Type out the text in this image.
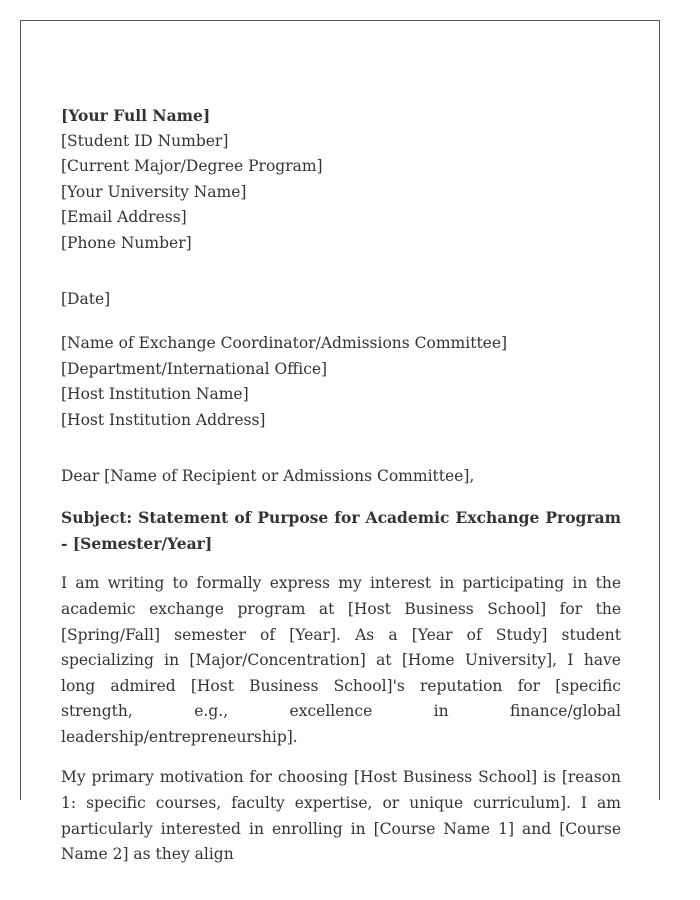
[Your Full Name]
[Student ID Number]
[Current Major/Degree Program]
[Your University Name]
[Email Address]
[Phone Number]
[Date]
[Name of Exchange Coordinator/Admissions Committee]
[Department/International Office]
[Host Institution Name]
[Host Institution Address]
Dear [Name of Recipient or Admissions Committee],
Subject: Statement of Purpose for Academic Exchange Program - [Semester/Year]

I am writing to formally express my interest in participating in the academic exchange program at [Host Business School] for the [Spring/Fall] semester of [Year]. As a [Year of Study] student specializing in [Major/Concentration] at [Home University], I have long admired [Host Business School]'s reputation for [specific strength, e.g., excellence in finance/global leadership/entrepreneurship].

My primary motivation for choosing [Host Business School] is [reason 1: specific courses, faculty expertise, or unique curriculum]. I am particularly interested in enrolling in [Course Name 1] and [Course Name 2] as they align
